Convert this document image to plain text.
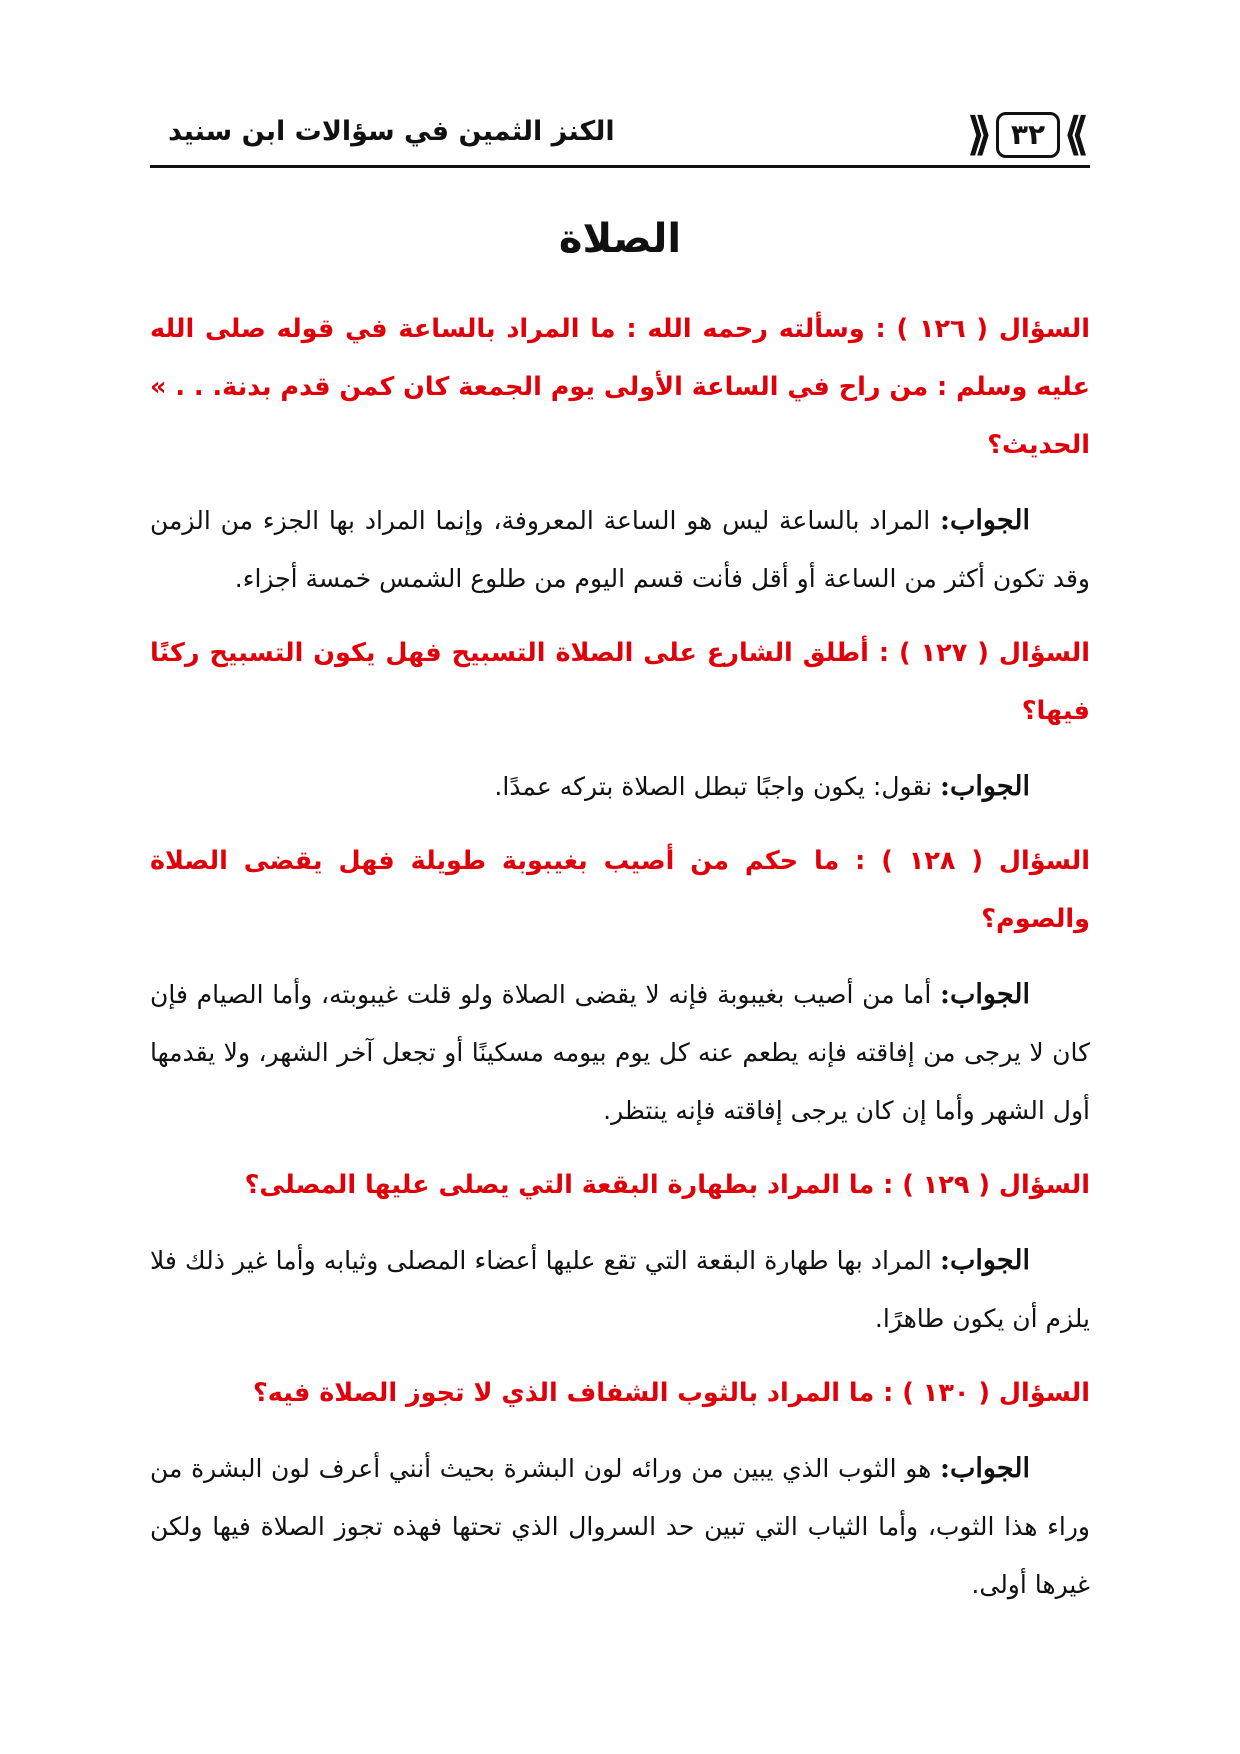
⟫
٣٢
⟪
الكنز الثمين في سؤالات ابن سنيد
الصلاة

السؤال ( ١٢٦ ) : وسألته رحمه الله : ما المراد بالساعة في قوله صلى الله عليه وسلم : من راح في الساعة الأولى يوم الجمعة كان كمن قدم بدنة. . . » الحديث؟

الجواب: المراد بالساعة ليس هو الساعة المعروفة، وإنما المراد بها الجزء من الزمن وقد تكون أكثر من الساعة أو أقل فأنت قسم اليوم من طلوع الشمس خمسة أجزاء.

السؤال ( ١٢٧ ) : أطلق الشارع على الصلاة التسبيح فهل يكون التسبيح ركنًا فيها؟

الجواب: نقول: يكون واجبًا تبطل الصلاة بتركه عمدًا.

السؤال ( ١٢٨ ) : ما حكم من أصيب بغيبوبة طويلة فهل يقضى الصلاة والصوم؟

الجواب: أما من أصيب بغيبوبة فإنه لا يقضى الصلاة ولو قلت غيبوبته، وأما الصيام فإن كان لا يرجى من إفاقته فإنه يطعم عنه كل يوم بيومه مسكينًا أو تجعل آخر الشهر، ولا يقدمها أول الشهر وأما إن كان يرجى إفاقته فإنه ينتظر.

السؤال ( ١٢٩ ) : ما المراد بطهارة البقعة التي يصلى عليها المصلى؟

الجواب: المراد بها طهارة البقعة التي تقع عليها أعضاء المصلى وثيابه وأما غير ذلك فلا يلزم أن يكون طاهرًا.

السؤال ( ١٣٠ ) : ما المراد بالثوب الشفاف الذي لا تجوز الصلاة فيه؟

الجواب: هو الثوب الذي يبين من ورائه لون البشرة بحيث أنني أعرف لون البشرة من وراء هذا الثوب، وأما الثياب التي تبين حد السروال الذي تحتها فهذه تجوز الصلاة فيها ولكن غيرها أولى.
